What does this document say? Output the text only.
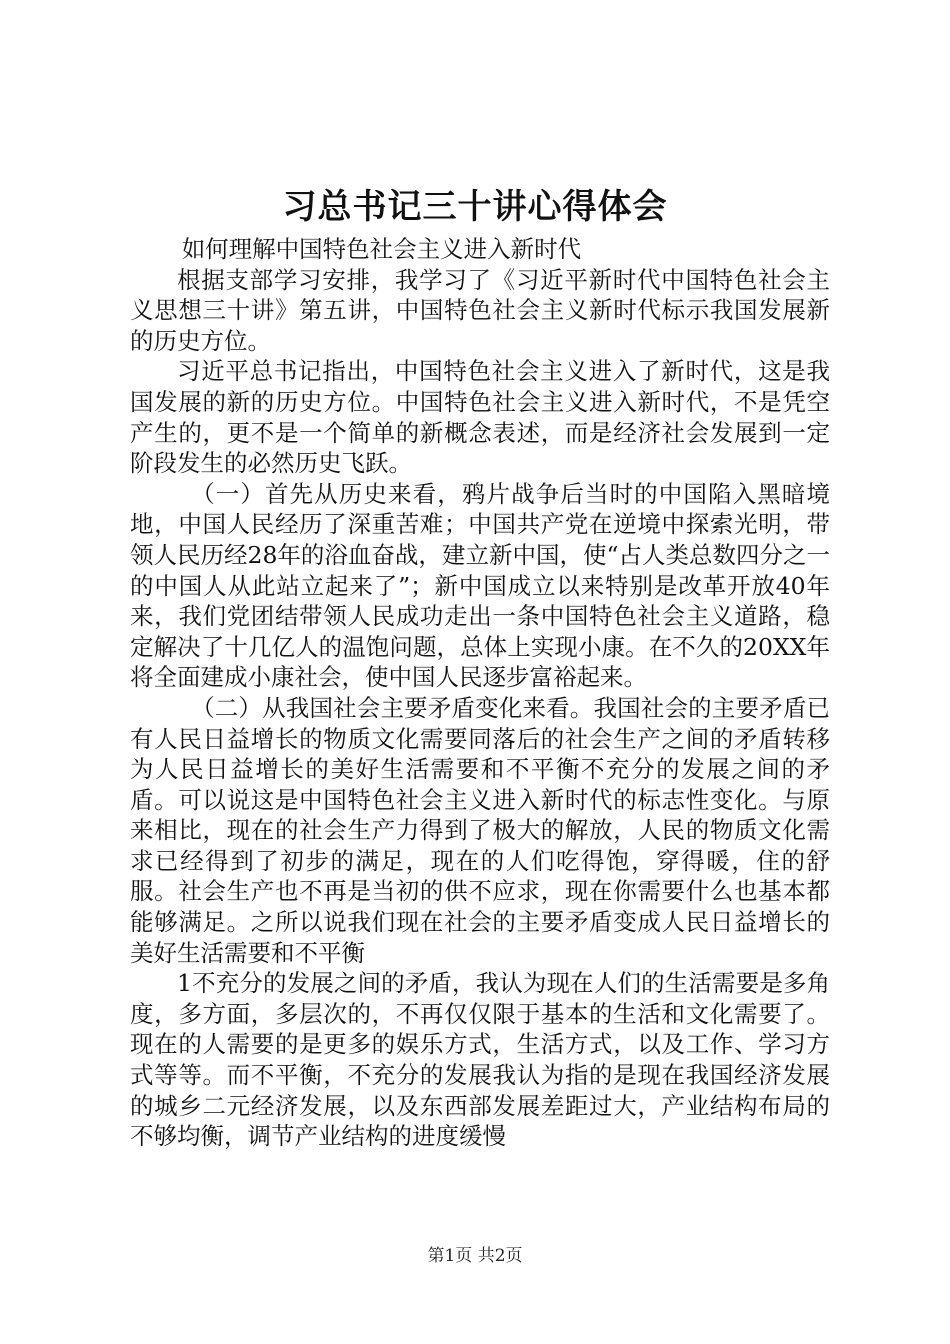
习总书记三十讲心得体会

如何理解中国特色社会主义进入新时代

根据支部学习安排，我学习了《习近平新时代中国特色社会主义思想三十讲》第五讲，中国特色社会主义新时代标示我国发展新的历史方位。

习近平总书记指出，中国特色社会主义进入了新时代，这是我国发展的新的历史方位。中国特色社会主义进入新时代，不是凭空产生的，更不是一个简单的新概念表述，而是经济社会发展到一定阶段发生的必然历史飞跃。

（一）首先从历史来看，鸦片战争后当时的中国陷入黑暗境地，中国人民经历了深重苦难；中国共产党在逆境中探索光明，带领人民历经28年的浴血奋战，建立新中国，使“占人类总数四分之一的中国人从此站立起来了”；新中国成立以来特别是改革开放40年来，我们党团结带领人民成功走出一条中国特色社会主义道路，稳定解决了十几亿人的温饱问题，总体上实现小康。在不久的20XX年将全面建成小康社会，使中国人民逐步富裕起来。

（二）从我国社会主要矛盾变化来看。我国社会的主要矛盾已有人民日益增长的物质文化需要同落后的社会生产之间的矛盾转移为人民日益增长的美好生活需要和不平衡不充分的发展之间的矛盾。可以说这是中国特色社会主义进入新时代的标志性变化。与原来相比，现在的社会生产力得到了极大的解放，人民的物质文化需求已经得到了初步的满足，现在的人们吃得饱，穿得暖，住的舒服。社会生产也不再是当初的供不应求，现在你需要什么也基本都能够满足。之所以说我们现在社会的主要矛盾变成人民日益增长的美好生活需要和不平衡

1不充分的发展之间的矛盾，我认为现在人们的生活需要是多角度，多方面，多层次的，不再仅仅限于基本的生活和文化需要了。现在的人需要的是更多的娱乐方式，生活方式，以及工作、学习方式等等。而不平衡，不充分的发展我认为指的是现在我国经济发展的城乡二元经济发展，以及东西部发展差距过大，产业结构布局的不够均衡，调节产业结构的进度缓慢

第1页 共2页
